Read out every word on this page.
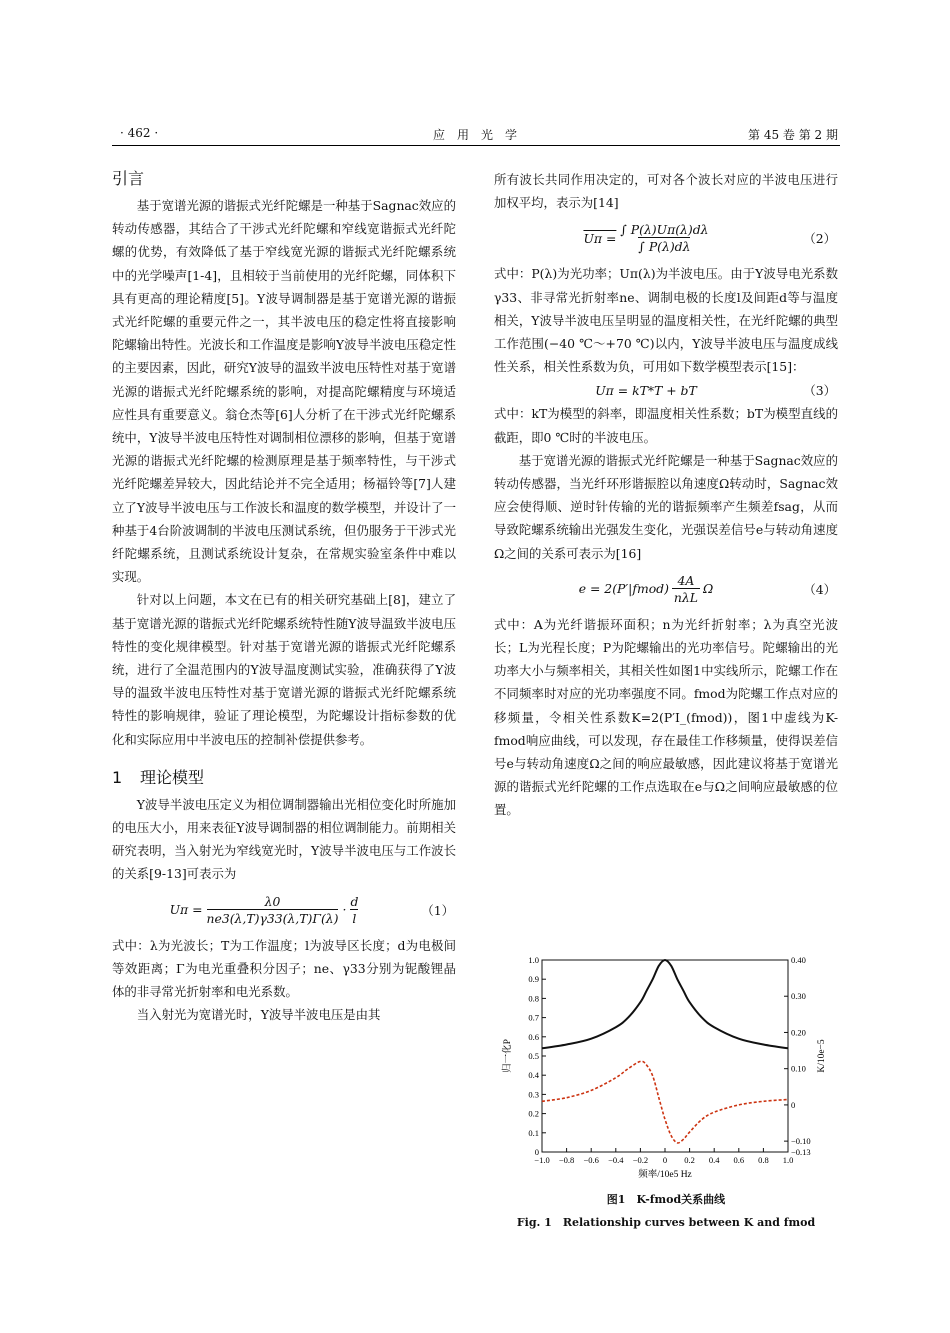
· 462 ·	应　用　光　学	第 45 卷 第 2 期
引言

基于宽谱光源的谐振式光纤陀螺是一种基于Sagnac效应的转动传感器，其结合了干涉式光纤陀螺和窄线宽谐振式光纤陀螺的优势，有效降低了基于窄线宽光源的谐振式光纤陀螺系统中的光学噪声[1-4]，且相较于当前使用的光纤陀螺，同体积下具有更高的理论精度[5]。Y波导调制器是基于宽谱光源的谐振式光纤陀螺的重要元件之一，其半波电压的稳定性将直接影响陀螺输出特性。光波长和工作温度是影响Y波导半波电压稳定性的主要因素，因此，研究Y波导的温致半波电压特性对基于宽谱光源的谐振式光纤陀螺系统的影响，对提高陀螺精度与环境适应性具有重要意义。翁仓杰等[6]人分析了在干涉式光纤陀螺系统中，Y波导半波电压特性对调制相位漂移的影响，但基于宽谱光源的谐振式光纤陀螺的检测原理是基于频率特性，与干涉式光纤陀螺差异较大，因此结论并不完全适用；杨福铃等[7]人建立了Y波导半波电压与工作波长和温度的数学模型，并设计了一种基于4台阶波调制的半波电压测试系统，但仍服务于干涉式光纤陀螺系统，且测试系统设计复杂，在常规实验室条件中难以实现。

针对以上问题，本文在已有的相关研究基础上[8]，建立了基于宽谱光源的谐振式光纤陀螺系统特性随Y波导温致半波电压特性的变化规律模型。针对基于宽谱光源的谐振式光纤陀螺系统，进行了全温范围内的Y波导温度测试实验，准确获得了Y波导的温致半波电压特性对基于宽谱光源的谐振式光纤陀螺系统特性的影响规律，验证了理论模型，为陀螺设计指标参数的优化和实际应用中半波电压的控制补偿提供参考。

1 理论模型

Y波导半波电压定义为相位调制器输出光相位变化时所施加的电压大小，用来表征Y波导调制器的相位调制能力。前期相关研究表明，当入射光为窄线宽光时，Y波导半波电压与工作波长的关系[9-13]可表示为

$U\pi = \frac{\lambda 0}{ne3(\lambda,T)\gamma 33(\lambda,T)\Gamma(\lambda)}$ ·
d
l
（1）

式中：λ为光波长；T为工作温度；l为波导区长度；d为电极间等效距离；Γ为电光重叠积分因子；ne、γ33分别为铌酸锂晶体的非寻常光折射率和电光系数。

当入射光为宽谱光时，Y波导半波电压是由其

所有波长共同作用决定的，可对各个波长对应的半波电压进行加权平均，表示为[14]

$U\pi = \frac{\int P(\lambda)U\pi(\lambda)d\lambda}{\int P(\lambda)d\lambda}$	（2）

式中：P(λ)为光功率；Uπ(λ)为半波电压。由于Y波导电光系数γ33、非寻常光折射率ne、调制电极的长度l及间距d等与温度相关，Y波导半波电压呈明显的温度相关性，在光纤陀螺的典型工作范围(−40 ℃～+70 ℃)以内，Y波导半波电压与温度成线性关系，相关性系数为负，可用如下数学模型表示[15]：

Uπ = kT*T + bT	（3）

式中：kT为模型的斜率，即温度相关性系数；bT为模型直线的截距，即0 ℃时的半波电压。

基于宽谱光源的谐振式光纤陀螺是一种基于Sagnac效应的转动传感器，当光纤环形谐振腔以角速度Ω转动时，Sagnac效应会使得顺、逆时针传输的光的谐振频率产生频差fsag，从而导致陀螺系统输出光强发生变化，光强误差信号e与转动角速度Ω之间的关系可表示为[16]

e = 2(P′|fmod)
4A
nλL
Ω	（4）

式中：A为光纤谐振环面积；n为光纤折射率；λ为真空光波长；L为光程长度；P为陀螺输出的光功率信号。陀螺输出的光功率大小与频率相关，其相关性如图1中实线所示，陀螺工作在不同频率时对应的光功率强度不同。fmod为陀螺工作点对应的移频量，令相关性系数K=2(P′I_(fmod))，图1中虚线为K-fmod响应曲线，可以发现，存在最佳工作移频量，使得误差信号e与转动角速度Ω之间的响应最敏感，因此建议将基于宽谱光源的谐振式光纤陀螺的工作点选取在e与Ω之间响应最敏感的位置。

−1.0 −0.8 −0.6 −0.4 −0.2 0 0.2 0.4 0.6 0.8 1.0
0
0.1
0.2
0.3
0.4
0.5
0.6
0.7
0.8
0.9
1.0
−0.13
−0.10
0
0.10
0.20
0.30
0.40
频率/10e5 Hz
归一化P	K/10e−5
图1　K-fmod关系曲线
Fig. 1　Relationship curves between K and fmod
